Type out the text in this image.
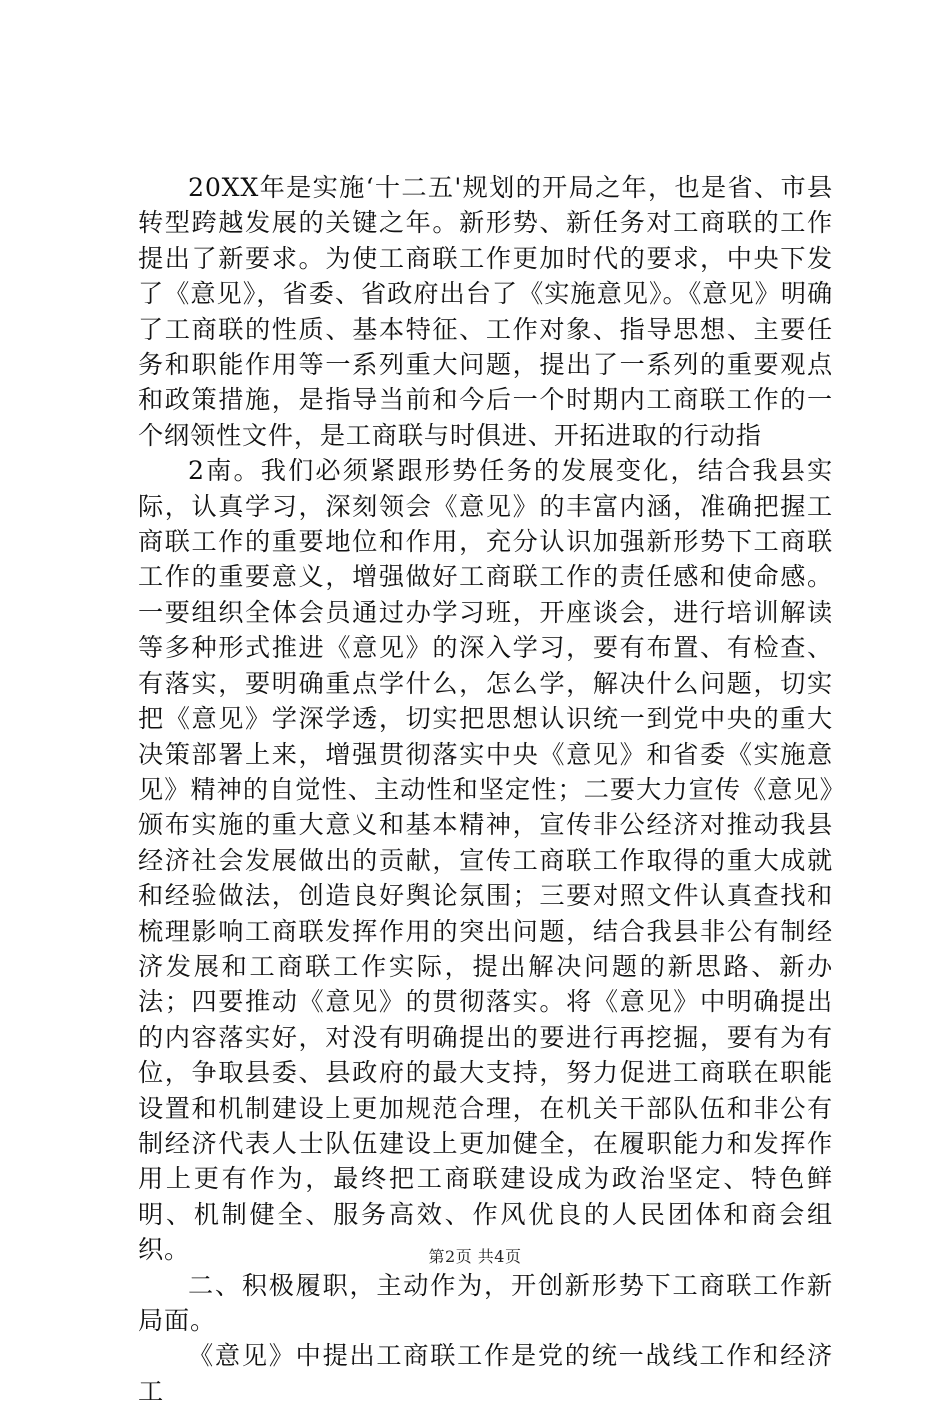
20XX年是实施‘十二五'规划的开局之年，也是省、市县转型跨越发展的关键之年。新形势、新任务对工商联的工作提出了新要求。为使工商联工作更加时代的要求，中央下发了《意见》，省委、省政府出台了《实施意见》。《意见》明确了工商联的性质、基本特征、工作对象、指导思想、主要任务和职能作用等一系列重大问题，提出了一系列的重要观点和政策措施，是指导当前和今后一个时期内工商联工作的一个纲领性文件，是工商联与时俱进、开拓进取的行动指

2南。我们必须紧跟形势任务的发展变化，结合我县实际，认真学习，深刻领会《意见》的丰富内涵，准确把握工商联工作的重要地位和作用，充分认识加强新形势下工商联工作的重要意义，增强做好工商联工作的责任感和使命感。一要组织全体会员通过办学习班，开座谈会，进行培训解读等多种形式推进《意见》的深入学习，要有布置、有检查、有落实，要明确重点学什么，怎么学，解决什么问题，切实把《意见》学深学透，切实把思想认识统一到党中央的重大决策部署上来，增强贯彻落实中央《意见》和省委《实施意见》精神的自觉性、主动性和坚定性；二要大力宣传《意见》颁布实施的重大意义和基本精神，宣传非公经济对推动我县经济社会发展做出的贡献，宣传工商联工作取得的重大成就和经验做法，创造良好舆论氛围；三要对照文件认真查找和梳理影响工商联发挥作用的突出问题，结合我县非公有制经济发展和工商联工作实际，提出解决问题的新思路、新办法；四要推动《意见》的贯彻落实。将《意见》中明确提出的内容落实好，对没有明确提出的要进行再挖掘，要有为有位，争取县委、县政府的最大支持，努力促进工商联在职能设置和机制建设上更加规范合理，在机关干部队伍和非公有制经济代表人士队伍建设上更加健全，在履职能力和发挥作用上更有作为，最终把工商联建设成为政治坚定、特色鲜明、机制健全、服务高效、作风优良的人民团体和商会组织。

二、积极履职，主动作为，开创新形势下工商联工作新局面。

《意见》中提出工商联工作是党的统一战线工作和经济工

第2页 共4页
